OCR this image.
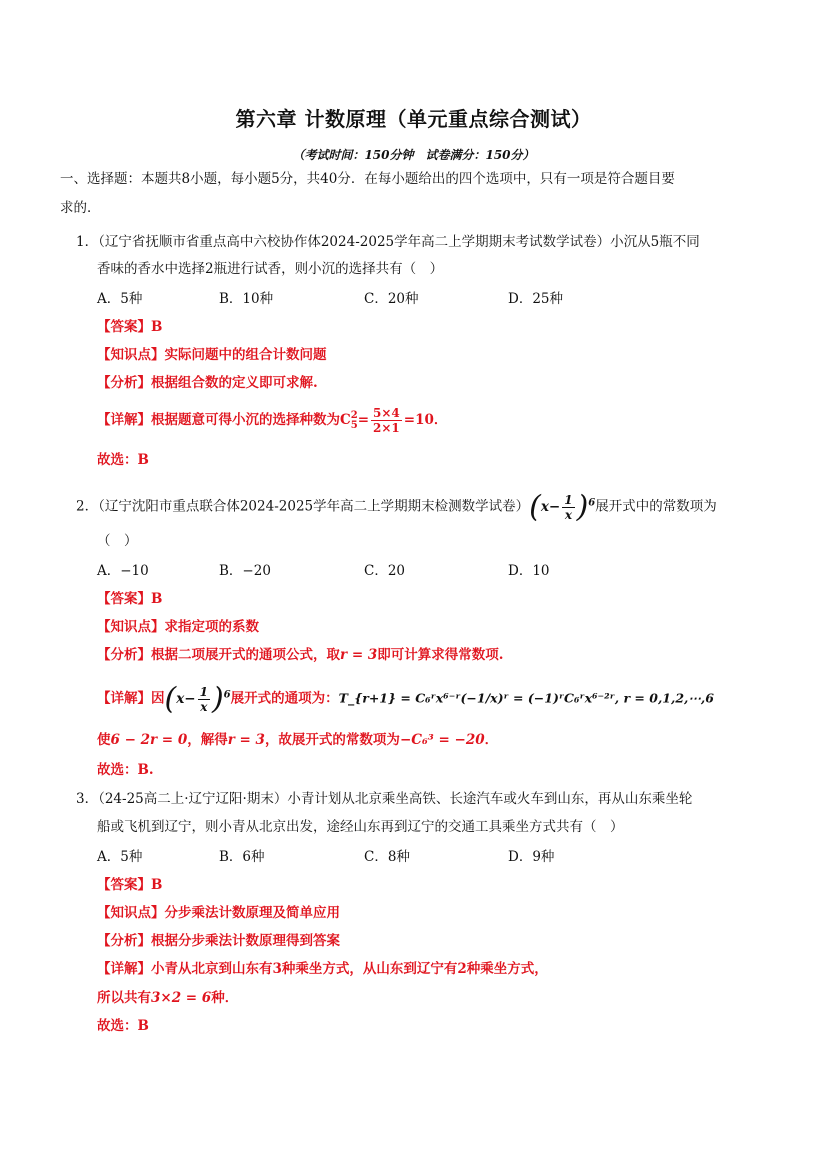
第六章 计数原理（单元重点综合测试）
（考试时间：150分钟　试卷满分：150分）
一、选择题：本题共8小题，每小题5分，共40分．在每小题给出的四个选项中，只有一项是符合题目要
求的．
1．（辽宁省抚顺市省重点高中六校协作体2024-2025学年高二上学期期末考试数学试卷）小沉从5瓶不同
香味的香水中选择2瓶进行试香，则小沉的选择共有（　）
A．5种	B．10种	C．20种	D．25种
【答案】B
【知识点】实际问题中的组合计数问题
【分析】根据组合数的定义即可求解.
【详解】根据题意可得小沉的选择种数为C 2
$5 = \frac{5\times 4}{2\times 1} =10$．
故选：B
2．（辽宁沈阳市重点联合体2024-2025学年高二上学期期末检测数学试卷）$(x- \frac{1}{x} )^6$展开式中的常数项为
（　）
A．−10	B．−20	C．20	D．10
【答案】B
【知识点】求指定项的系数
【分析】根据二项展开式的通项公式，取r = 3即可计算求得常数项.
【详解】因$(x- \frac{1}{x} )^6$展开式的通项为：T_{r+1} = C₆ʳx⁶⁻ʳ(−1/x)ʳ = (−1)ʳC₆ʳx⁶⁻²ʳ, r = 0,1,2,⋯,6
使6 − 2r = 0，解得r = 3，故展开式的常数项为−C₆³ = −20．
故选：B.
3．（24-25高二上·辽宁辽阳·期末）小青计划从北京乘坐高铁、长途汽车或火车到山东，再从山东乘坐轮
船或飞机到辽宁，则小青从北京出发，途经山东再到辽宁的交通工具乘坐方式共有（　）
A．5种	B．6种	C．8种	D．9种
【答案】B
【知识点】分步乘法计数原理及简单应用
【分析】根据分步乘法计数原理得到答案
【详解】小青从北京到山东有3种乘坐方式，从山东到辽宁有2种乘坐方式，
所以共有3×2 = 6种．
故选：B
